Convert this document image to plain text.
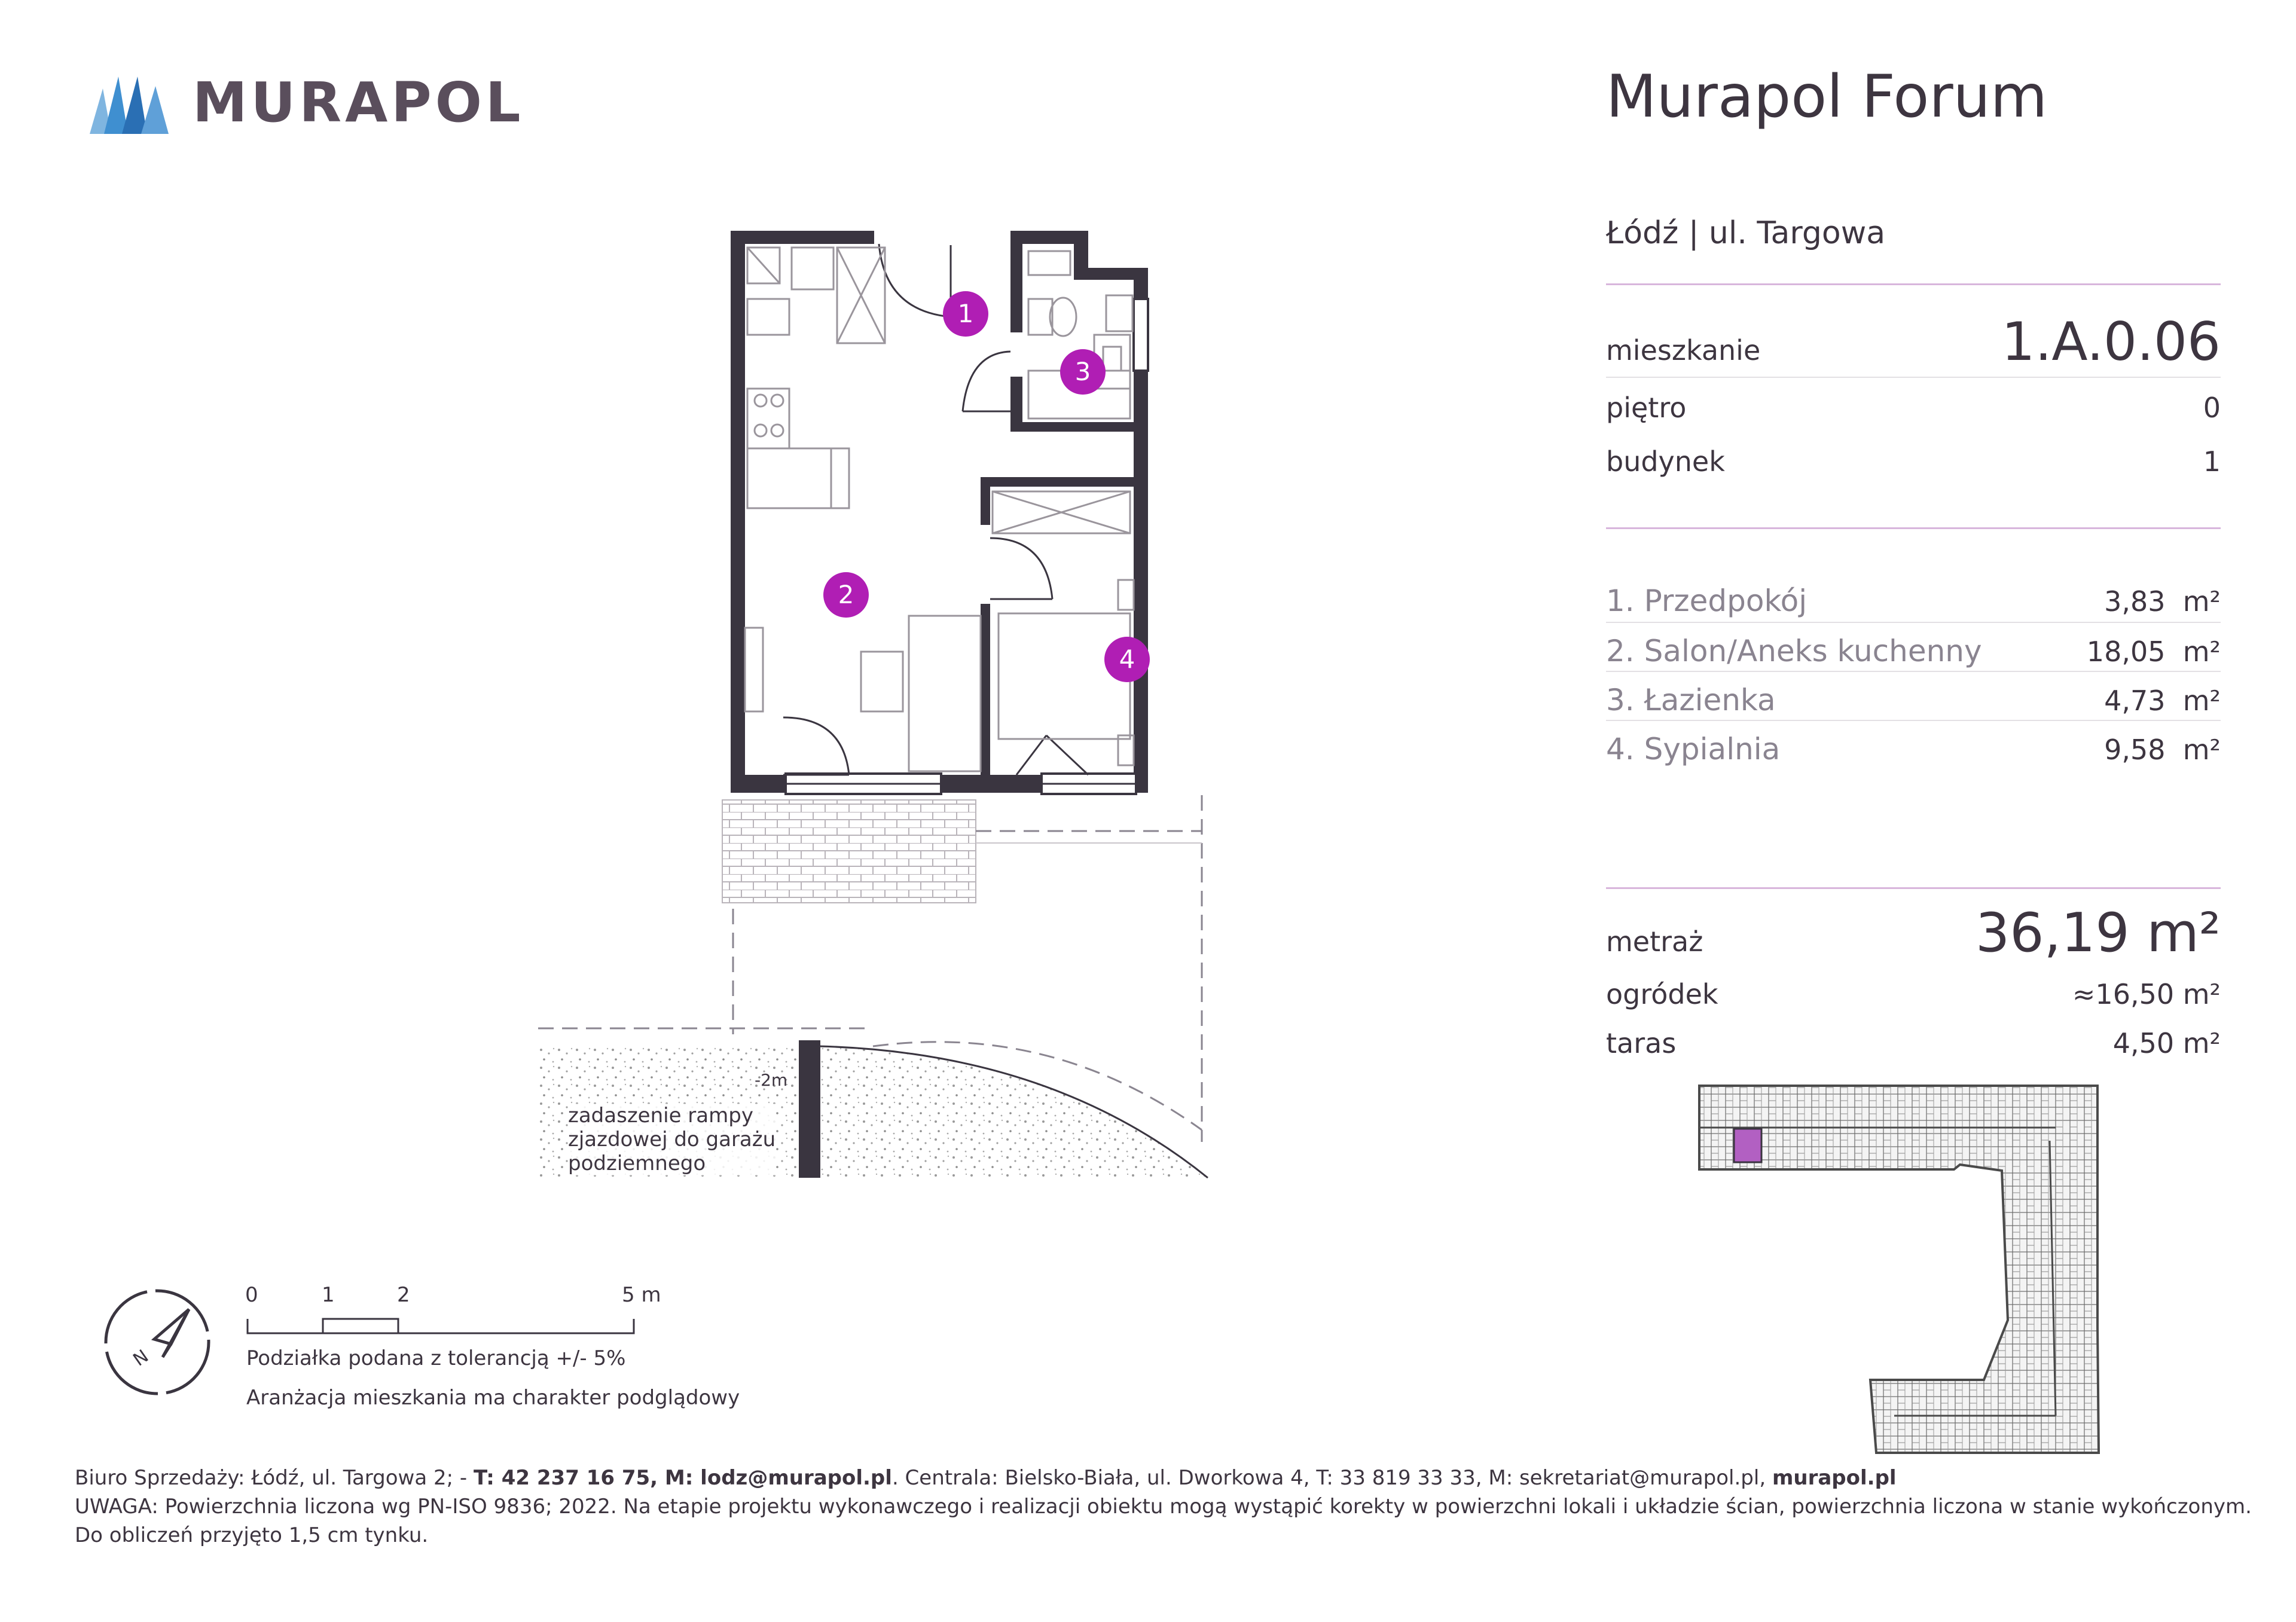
MURAPOL	Murapol Forum
Łódź | ul. Targowa
mieszkanie	1.A.0.06
piętro	0
budynek	1
1. Przedpokój	3,83 m²
2. Salon/Aneks kuchenny	18,05 m²
3. Łazienka	4,73 m²
4. Sypialnia	9,58 m²
metraż	36,19 m²
ogródek	≈16,50 m²
taras	4,50 m²
1
2
3
4
-2m
zadaszenie rampy
zjazdowej do garażu
podziemnego
N
0	1	2	5 m
Podziałka podana z tolerancją +/- 5%
Aranżacja mieszkania ma charakter podglądowy
Biuro Sprzedaży: Łódź, ul. Targowa 2; - T: 42 237 16 75, M: lodz@murapol.pl. Centrala: Bielsko-Biała, ul. Dworkowa 4, T: 33 819 33 33, M: sekretariat@murapol.pl, murapol.pl
UWAGA: Powierzchnia liczona wg PN-ISO 9836; 2022. Na etapie projektu wykonawczego i realizacji obiektu mogą wystąpić korekty w powierzchni lokali i układzie ścian, powierzchnia liczona w stanie wykończonym.
Do obliczeń przyjęto 1,5 cm tynku.
